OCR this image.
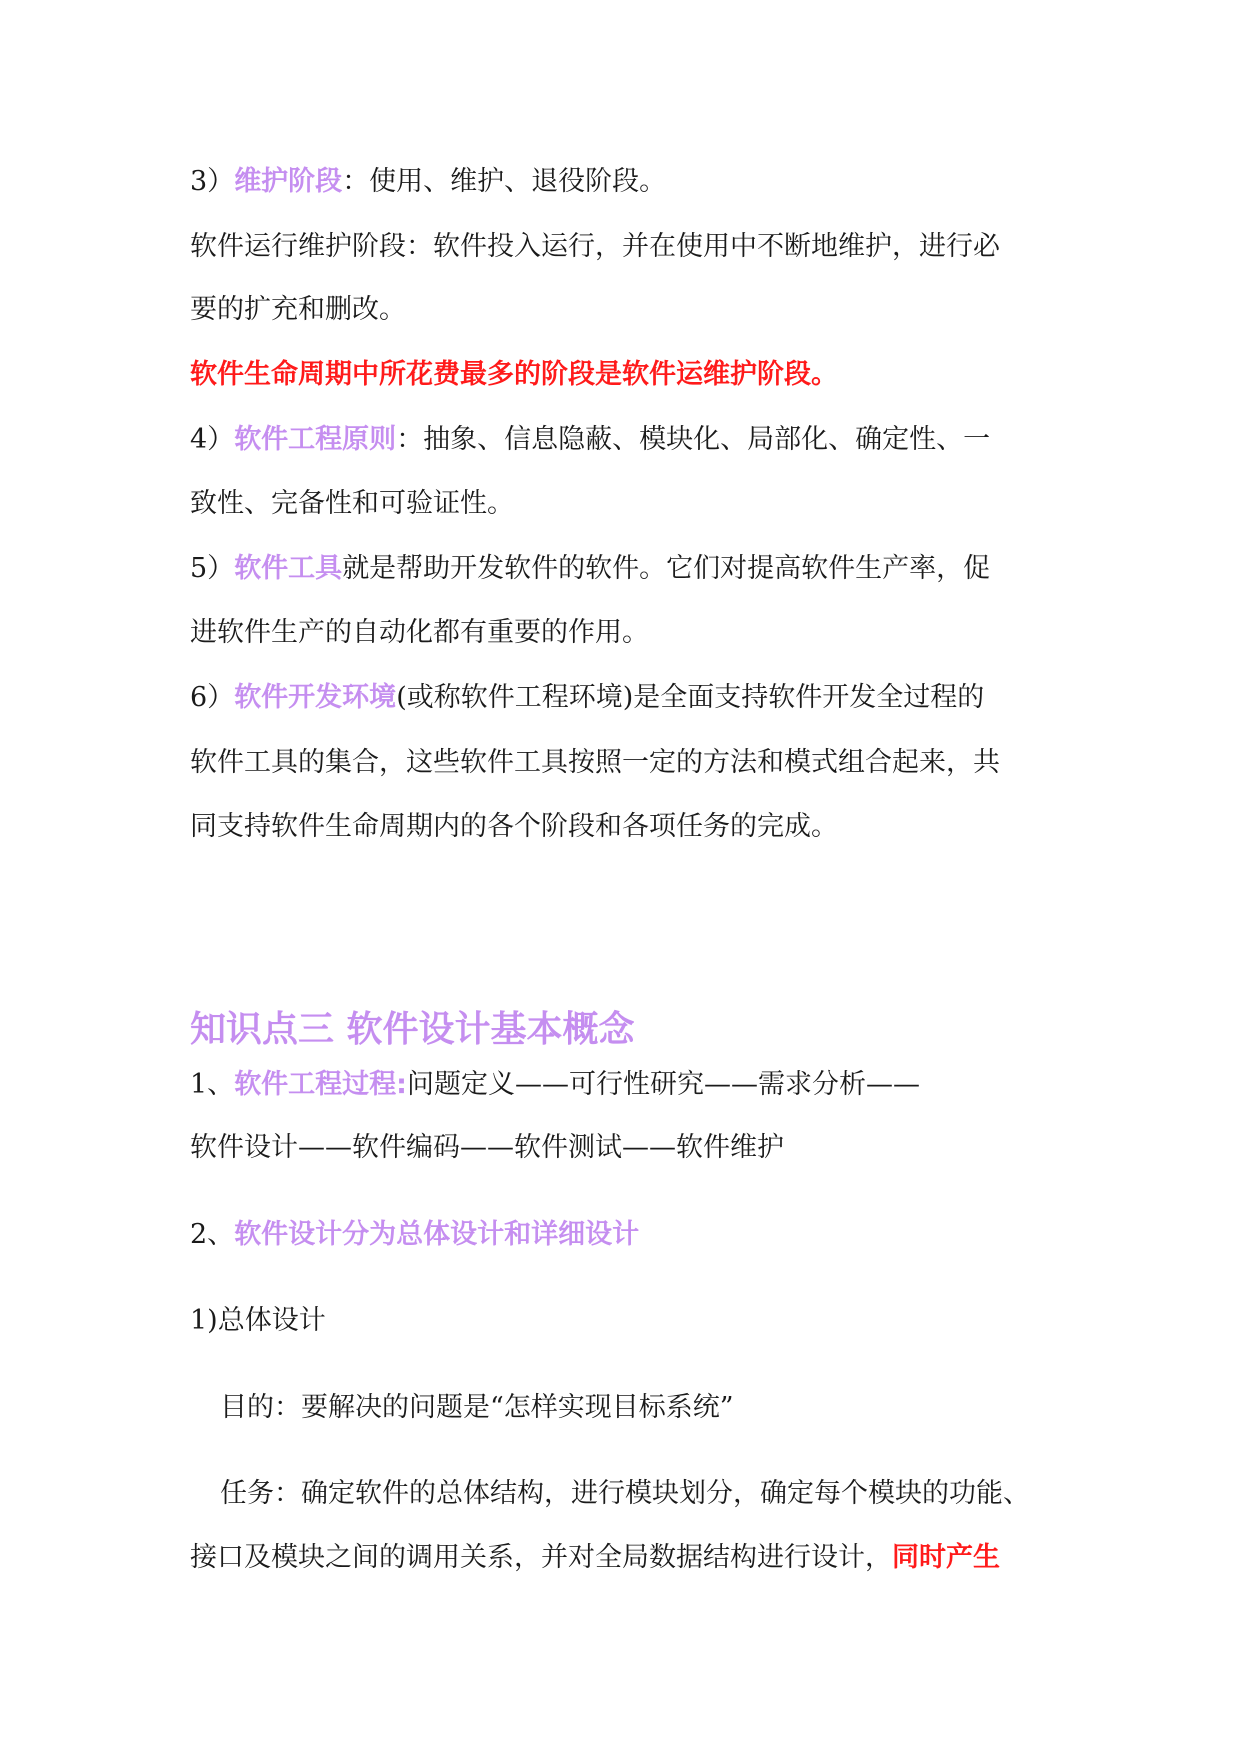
3）维护阶段：使用、维护、退役阶段。
软件运行维护阶段：软件投入运行，并在使用中不断地维护，进行必
要的扩充和删改。
软件生命周期中所花费最多的阶段是软件运维护阶段。
4）软件工程原则：抽象、信息隐蔽、模块化、局部化、确定性、一
致性、完备性和可验证性。
5）软件工具就是帮助开发软件的软件。它们对提高软件生产率，促
进软件生产的自动化都有重要的作用。
6）软件开发环境(或称软件工程环境)是全面支持软件开发全过程的
软件工具的集合，这些软件工具按照一定的方法和模式组合起来，共
同支持软件生命周期内的各个阶段和各项任务的完成。
知识点三 软件设计基本概念
1、软件工程过程:问题定义——可行性研究——需求分析——
软件设计——软件编码——软件测试——软件维护
2、软件设计分为总体设计和详细设计
1)总体设计
目的：要解决的问题是“怎样实现目标系统”
任务：确定软件的总体结构，进行模块划分，确定每个模块的功能、
接口及模块之间的调用关系，并对全局数据结构进行设计，同时产生
